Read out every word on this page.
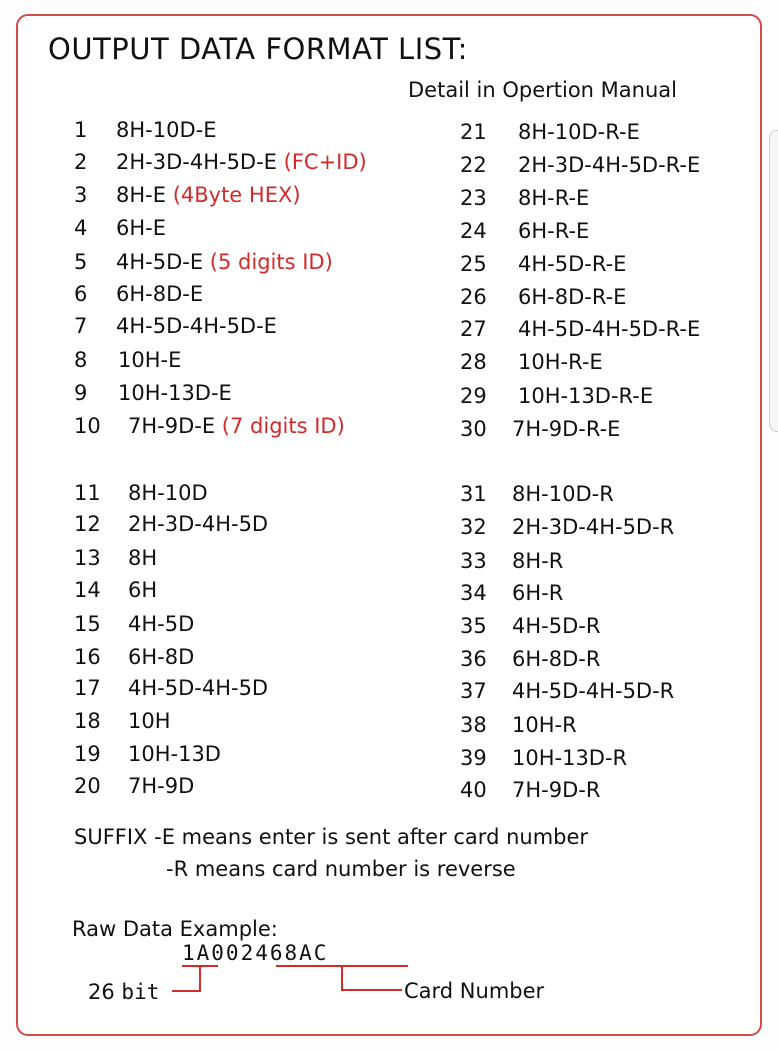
OUTPUT DATA FORMAT LIST:
Detail in Opertion Manual
1 8H-10D-E
2 2H-3D-4H-5D-E (FC+ID)
3 8H-E (4Byte HEX)
4 6H-E
5 4H-5D-E (5 digits ID)
6 6H-8D-E
7 4H-5D-4H-5D-E
8 10H-E
9 10H-13D-E
10 7H-9D-E (7 digits ID)
11 8H-10D
12 2H-3D-4H-5D
13 8H
14 6H
15 4H-5D
16 6H-8D
17 4H-5D-4H-5D
18 10H
19 10H-13D
20 7H-9D
21 8H-10D-R-E
22 2H-3D-4H-5D-R-E
23 8H-R-E
24 6H-R-E
25 4H-5D-R-E
26 6H-8D-R-E
27 4H-5D-4H-5D-R-E
28 10H-R-E
29 10H-13D-R-E
30 7H-9D-R-E
31 8H-10D-R
32 2H-3D-4H-5D-R
33 8H-R
34 6H-R
35 4H-5D-R
36 6H-8D-R
37 4H-5D-4H-5D-R
38 10H-R
39 10H-13D-R
40 7H-9D-R
SUFFIX -E means enter is sent after card number
-R means card number is reverse
Raw Data Example:
1A002468AC
26 bit	Card Number
